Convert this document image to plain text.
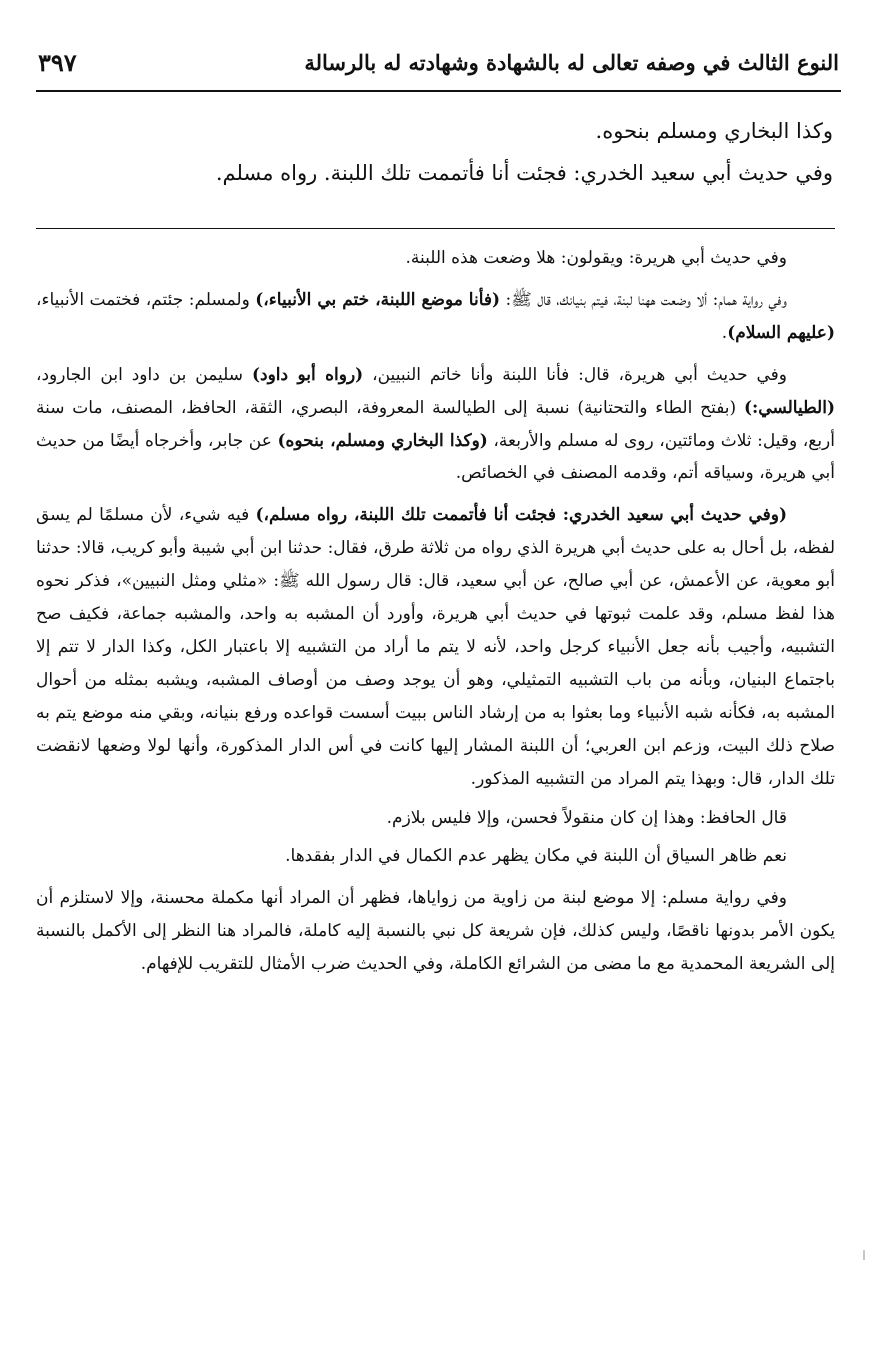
النوع الثالث في وصفه تعالى له بالشهادة وشهادته له بالرسالة
٣٩٧

وكذا البخاري ومسلم بنحوه.

وفي حديث أبي سعيد الخدري: فجئت أنا فأتممت تلك اللبنة. رواه مسلم.

وفي حديث أبي هريرة: ويقولون: هلا وضعت هذه اللبنة.

وفي رواية همام: ألا وضعت ههنا لبنة، فيتم بنيانك، قال ﷺ: (فأنا موضع اللبنة، ختم بي الأنبياء،) ولمسلم: جئتم، فختمت الأنبياء، (عليهم السلام).

وفي حديث أبي هريرة، قال: فأنا اللبنة وأنا خاتم النبيين، (رواه أبو داود) سليمن بن داود ابن الجارود، (الطيالسي:) (بفتح الطاء والتحتانية) نسبة إلى الطيالسة المعروفة، البصري، الثقة، الحافظ، المصنف، مات سنة أربع، وقيل: ثلاث ومائتين، روى له مسلم والأربعة، (وكذا البخاري ومسلم، بنحوه) عن جابر، وأخرجاه أيضًا من حديث أبي هريرة، وسياقه أتم، وقدمه المصنف في الخصائص.

(وفي حديث أبي سعيد الخدري: فجئت أنا فأتممت تلك اللبنة، رواه مسلم،) فيه شيء، لأن مسلمًا لم يسق لفظه، بل أحال به على حديث أبي هريرة الذي رواه من ثلاثة طرق، فقال: حدثنا ابن أبي شيبة وأبو كريب، قالا: حدثنا أبو معوية، عن الأعمش، عن أبي صالح، عن أبي سعيد، قال: قال رسول الله ﷺ: «مثلي ومثل النبيين»، فذكر نحوه هذا لفظ مسلم، وقد علمت ثبوتها في حديث أبي هريرة، وأورد أن المشبه به واحد، والمشبه جماعة، فكيف صح التشبيه، وأجيب بأنه جعل الأنبياء كرجل واحد، لأنه لا يتم ما أراد من التشبيه إلا باعتبار الكل، وكذا الدار لا تتم إلا باجتماع البنيان، وبأنه من باب التشبيه التمثيلي، وهو أن يوجد وصف من أوصاف المشبه، ويشبه بمثله من أحوال المشبه به، فكأنه شبه الأنبياء وما بعثوا به من إرشاد الناس ببيت أسست قواعده ورفع بنيانه، وبقي منه موضع يتم به صلاح ذلك البيت، وزعم ابن العربي؛ أن اللبنة المشار إليها كانت في أس الدار المذكورة، وأنها لولا وضعها لانقضت تلك الدار، قال: وبهذا يتم المراد من التشبيه المذكور.

قال الحافظ: وهذا إن كان منقولاً فحسن، وإلا فليس بلازم.

نعم ظاهر السياق أن اللبنة في مكان يظهر عدم الكمال في الدار بفقدها.

وفي رواية مسلم: إلا موضع لبنة من زاوية من زواياها، فظهر أن المراد أنها مكملة محسنة، وإلا لاستلزم أن يكون الأمر بدونها ناقصًا، وليس كذلك، فإن شريعة كل نبي بالنسبة إليه كاملة، فالمراد هنا النظر إلى الأكمل بالنسبة إلى الشريعة المحمدية مع ما مضى من الشرائع الكاملة، وفي الحديث ضرب الأمثال للتقريب للإفهام.
